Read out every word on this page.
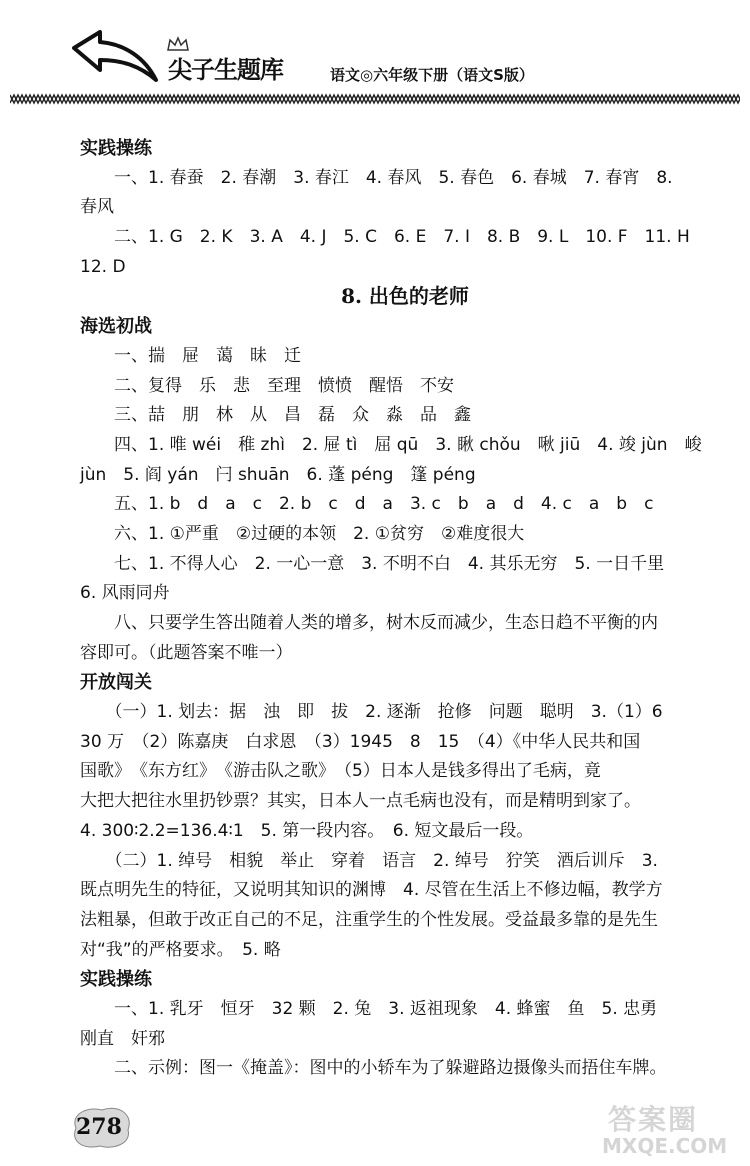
尖子生题库	语文◎六年级下册（语文S版）
实践操练
　　一、1. 春蚕　2. 春潮　3. 春江　4. 春风　5. 春色　6. 春城　7. 春宵　8.
春风
　　二、1. G　2. K　3. A　4. J　5. C　6. E　7. I　8. B　9. L　10. F　11. H
12. D
8. 出色的老师
海选初战
　　一、揣　屉　蔼　昧　迁
　　二、复得　乐　悲　至理　愤愤　醒悟　不安
　　三、喆　朋　林　从　昌　磊　众　淼　品　鑫
　　四、1. 唯 wéi　稚 zhì　2. 屉 tì　屈 qū　3. 瞅 chǒu　啾 jiū　4. 竣 jùn　峻
jùn　5. 阎 yán　闩 shuān　6. 蓬 péng　篷 péng
　　五、1. b　d　a　c　2. b　c　d　a　3. c　b　a　d　4. c　a　b　c
　　六、1. ①严重　②过硬的本领　2. ①贫穷　②难度很大
　　七、1. 不得人心　2. 一心一意　3. 不明不白　4. 其乐无穷　5. 一日千里
6. 风雨同舟
　　八、只要学生答出随着人类的增多，树木反而减少，生态日趋不平衡的内
容即可。（此题答案不唯一）
开放闯关
　　（一）1. 划去：据　浊　即　拔　2. 逐渐　抢修　问题　聪明　3.（1）6
30 万　（2）陈嘉庚　白求恩　（3）1945　8　15　（4）《中华人民共和国
国歌》　《东方红》　《游击队之歌》　（5）日本人是钱多得出了毛病，竟
大把大把往水里扔钞票？其实，日本人一点毛病也没有，而是精明到家了。
4. 300∶2.2=136.4∶1　5. 第一段内容。　6. 短文最后一段。
　　（二）1. 绰号　相貌　举止　穿着　语言　2. 绰号　狞笑　酒后训斥　3.
既点明先生的特征，又说明其知识的渊博　4. 尽管在生活上不修边幅，教学方
法粗暴，但敢于改正自己的不足，注重学生的个性发展。受益最多靠的是先生
对“我”的严格要求。　5. 略
实践操练
　　一、1. 乳牙　恒牙　32 颗　2. 兔　3. 返祖现象　4. 蜂蜜　鱼　5. 忠勇
刚直　奸邪
　　二、示例：图一《掩盖》：图中的小轿车为了躲避路边摄像头而捂住车牌。
278	答案圈
MXQE.COM
